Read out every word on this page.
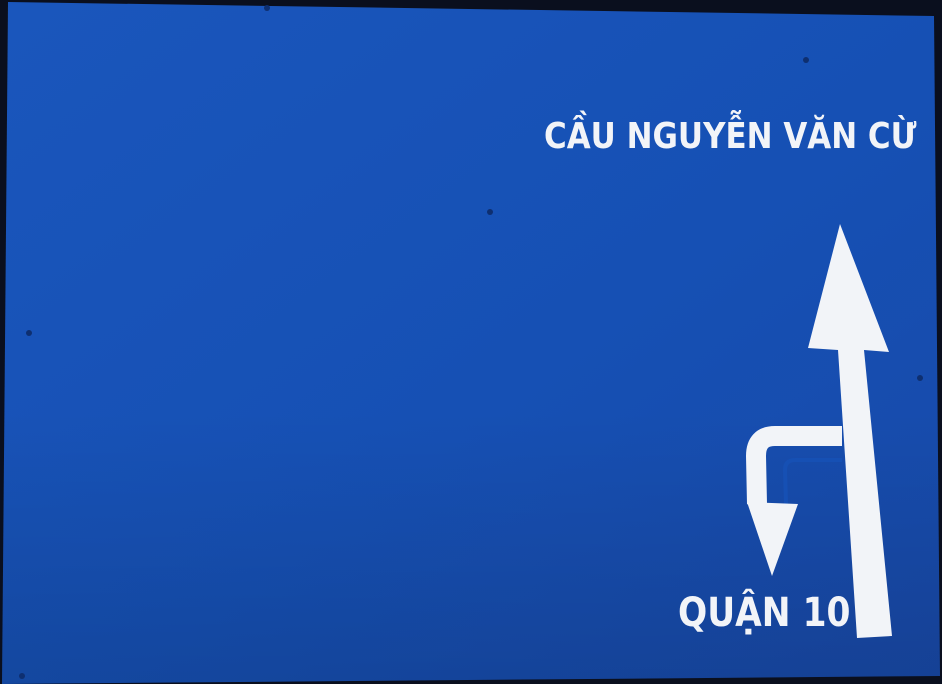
CẦU NGUYỄN VĂN CỪ
QUẬN 10
